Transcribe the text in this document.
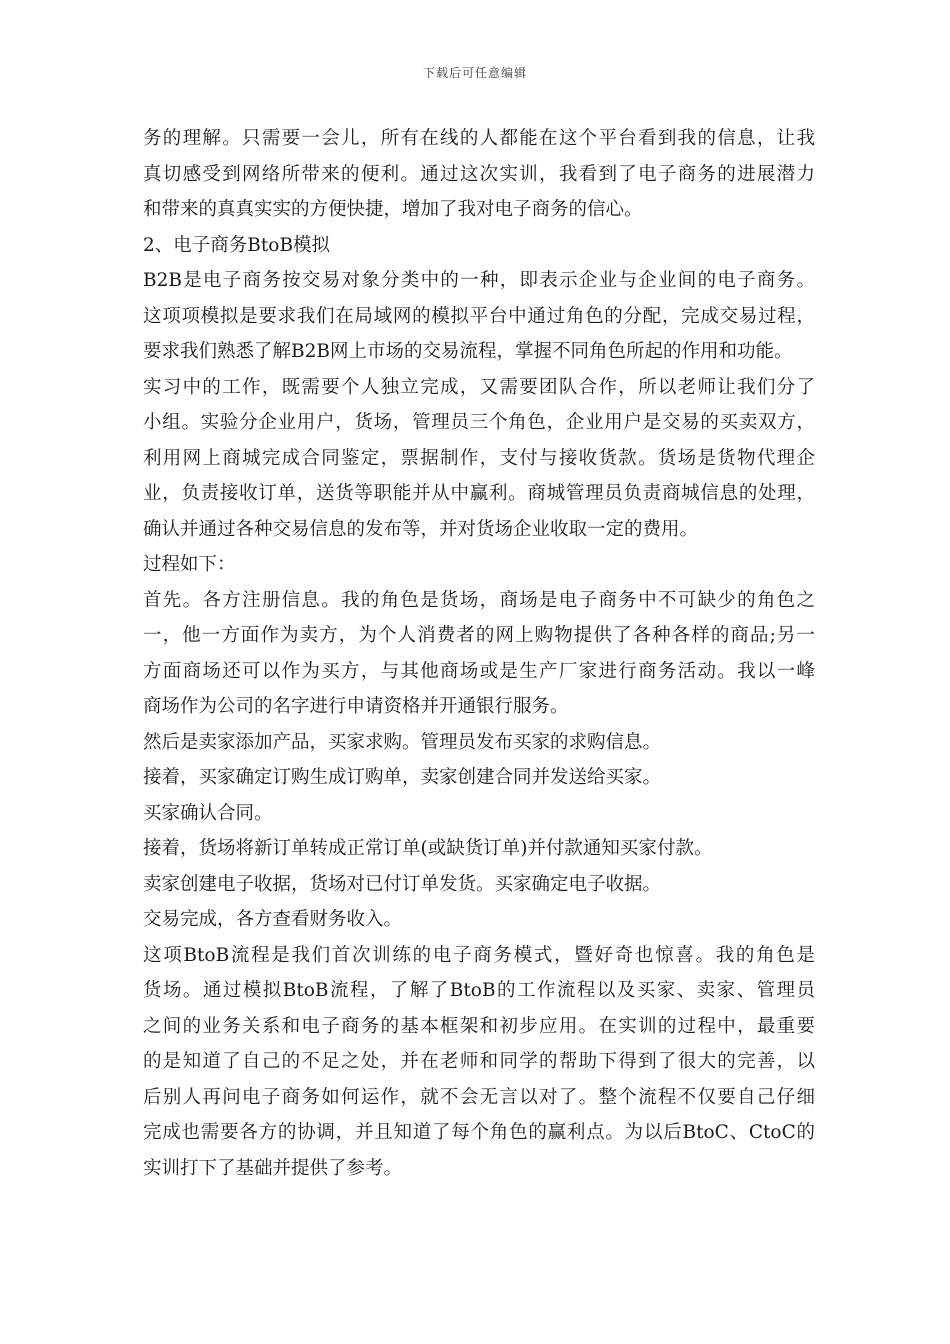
下载后可任意编辑
务的理解。只需要一会儿，所有在线的人都能在这个平台看到我的信息，让我
真切感受到网络所带来的便利。通过这次实训，我看到了电子商务的进展潜力
和带来的真真实实的方便快捷，增加了我对电子商务的信心。
2、电子商务BtoB模拟
B2B是电子商务按交易对象分类中的一种，即表示企业与企业间的电子商务。
这项项模拟是要求我们在局域网的模拟平台中通过角色的分配，完成交易过程，
要求我们熟悉了解B2B网上市场的交易流程，掌握不同角色所起的作用和功能。
实习中的工作，既需要个人独立完成，又需要团队合作，所以老师让我们分了
小组。实验分企业用户，货场，管理员三个角色，企业用户是交易的买卖双方，
利用网上商城完成合同鉴定，票据制作，支付与接收货款。货场是货物代理企
业，负责接收订单，送货等职能并从中赢利。商城管理员负责商城信息的处理，
确认并通过各种交易信息的发布等，并对货场企业收取一定的费用。
过程如下：
首先。各方注册信息。我的角色是货场，商场是电子商务中不可缺少的角色之
一，他一方面作为卖方，为个人消费者的网上购物提供了各种各样的商品;另一
方面商场还可以作为买方，与其他商场或是生产厂家进行商务活动。我以一峰
商场作为公司的名字进行申请资格并开通银行服务。
然后是卖家添加产品，买家求购。管理员发布买家的求购信息。
接着，买家确定订购生成订购单，卖家创建合同并发送给买家。
买家确认合同。
接着，货场将新订单转成正常订单(或缺货订单)并付款通知买家付款。
卖家创建电子收据，货场对已付订单发货。买家确定电子收据。
交易完成，各方查看财务收入。
这项BtoB流程是我们首次训练的电子商务模式，暨好奇也惊喜。我的角色是
货场。通过模拟BtoB流程，了解了BtoB的工作流程以及买家、卖家、管理员
之间的业务关系和电子商务的基本框架和初步应用。在实训的过程中，最重要
的是知道了自己的不足之处，并在老师和同学的帮助下得到了很大的完善，以
后别人再问电子商务如何运作，就不会无言以对了。整个流程不仅要自己仔细
完成也需要各方的协调，并且知道了每个角色的赢利点。为以后BtoC、CtoC的
实训打下了基础并提供了参考。
